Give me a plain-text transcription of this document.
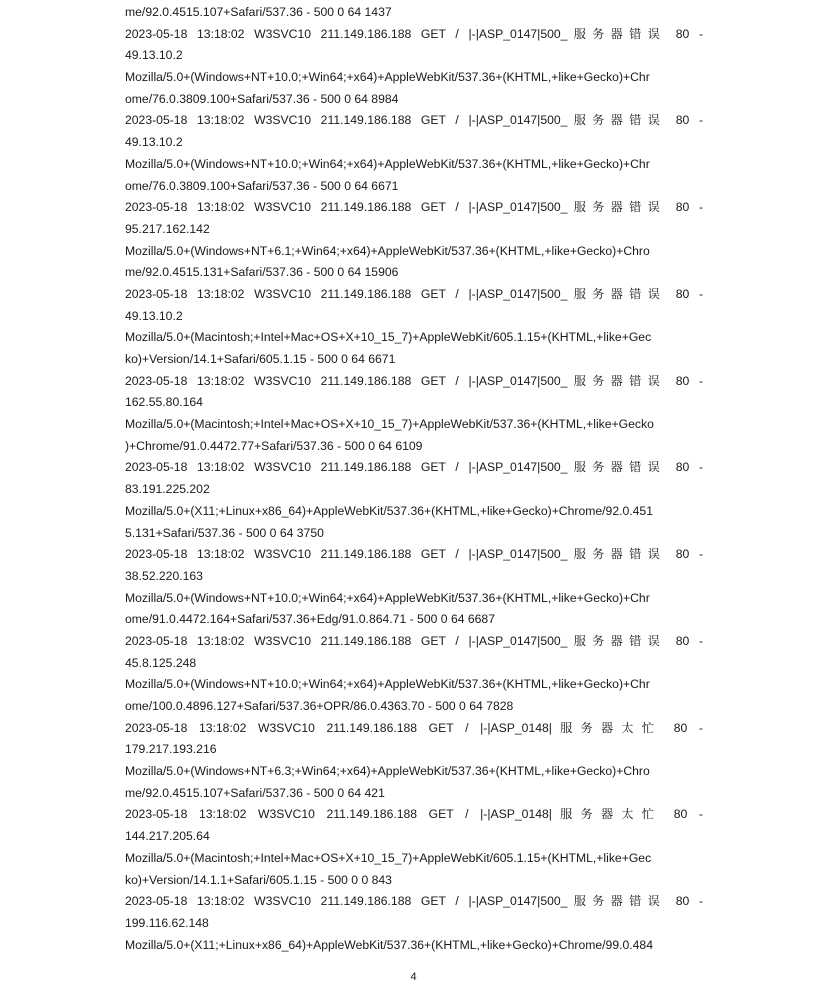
me/92.0.4515.107+Safari/537.36 - 500 0 64 1437
2023-05-18 13:18:02 W3SVC10 211.149.186.188 GET / |-|ASP_0147|500_服务器错误 80 -
49.13.10.2
Mozilla/5.0+(Windows+NT+10.0;+Win64;+x64)+AppleWebKit/537.36+(KHTML,+like+Gecko)+Chr
ome/76.0.3809.100+Safari/537.36 - 500 0 64 8984
2023-05-18 13:18:02 W3SVC10 211.149.186.188 GET / |-|ASP_0147|500_服务器错误 80 -
49.13.10.2
Mozilla/5.0+(Windows+NT+10.0;+Win64;+x64)+AppleWebKit/537.36+(KHTML,+like+Gecko)+Chr
ome/76.0.3809.100+Safari/537.36 - 500 0 64 6671
2023-05-18 13:18:02 W3SVC10 211.149.186.188 GET / |-|ASP_0147|500_服务器错误 80 -
95.217.162.142
Mozilla/5.0+(Windows+NT+6.1;+Win64;+x64)+AppleWebKit/537.36+(KHTML,+like+Gecko)+Chro
me/92.0.4515.131+Safari/537.36 - 500 0 64 15906
2023-05-18 13:18:02 W3SVC10 211.149.186.188 GET / |-|ASP_0147|500_服务器错误 80 -
49.13.10.2
Mozilla/5.0+(Macintosh;+Intel+Mac+OS+X+10_15_7)+AppleWebKit/605.1.15+(KHTML,+like+Gec
ko)+Version/14.1+Safari/605.1.15 - 500 0 64 6671
2023-05-18 13:18:02 W3SVC10 211.149.186.188 GET / |-|ASP_0147|500_服务器错误 80 -
162.55.80.164
Mozilla/5.0+(Macintosh;+Intel+Mac+OS+X+10_15_7)+AppleWebKit/537.36+(KHTML,+like+Gecko
)+Chrome/91.0.4472.77+Safari/537.36 - 500 0 64 6109
2023-05-18 13:18:02 W3SVC10 211.149.186.188 GET / |-|ASP_0147|500_服务器错误 80 -
83.191.225.202
Mozilla/5.0+(X11;+Linux+x86_64)+AppleWebKit/537.36+(KHTML,+like+Gecko)+Chrome/92.0.451
5.131+Safari/537.36 - 500 0 64 3750
2023-05-18 13:18:02 W3SVC10 211.149.186.188 GET / |-|ASP_0147|500_服务器错误 80 -
38.52.220.163
Mozilla/5.0+(Windows+NT+10.0;+Win64;+x64)+AppleWebKit/537.36+(KHTML,+like+Gecko)+Chr
ome/91.0.4472.164+Safari/537.36+Edg/91.0.864.71 - 500 0 64 6687
2023-05-18 13:18:02 W3SVC10 211.149.186.188 GET / |-|ASP_0147|500_服务器错误 80 -
45.8.125.248
Mozilla/5.0+(Windows+NT+10.0;+Win64;+x64)+AppleWebKit/537.36+(KHTML,+like+Gecko)+Chr
ome/100.0.4896.127+Safari/537.36+OPR/86.0.4363.70 - 500 0 64 7828
2023-05-18 13:18:02 W3SVC10 211.149.186.188 GET / |-|ASP_0148|服务器太忙 80 -
179.217.193.216
Mozilla/5.0+(Windows+NT+6.3;+Win64;+x64)+AppleWebKit/537.36+(KHTML,+like+Gecko)+Chro
me/92.0.4515.107+Safari/537.36 - 500 0 64 421
2023-05-18 13:18:02 W3SVC10 211.149.186.188 GET / |-|ASP_0148|服务器太忙 80 -
144.217.205.64
Mozilla/5.0+(Macintosh;+Intel+Mac+OS+X+10_15_7)+AppleWebKit/605.1.15+(KHTML,+like+Gec
ko)+Version/14.1.1+Safari/605.1.15 - 500 0 0 843
2023-05-18 13:18:02 W3SVC10 211.149.186.188 GET / |-|ASP_0147|500_服务器错误 80 -
199.116.62.148
Mozilla/5.0+(X11;+Linux+x86_64)+AppleWebKit/537.36+(KHTML,+like+Gecko)+Chrome/99.0.484
4
